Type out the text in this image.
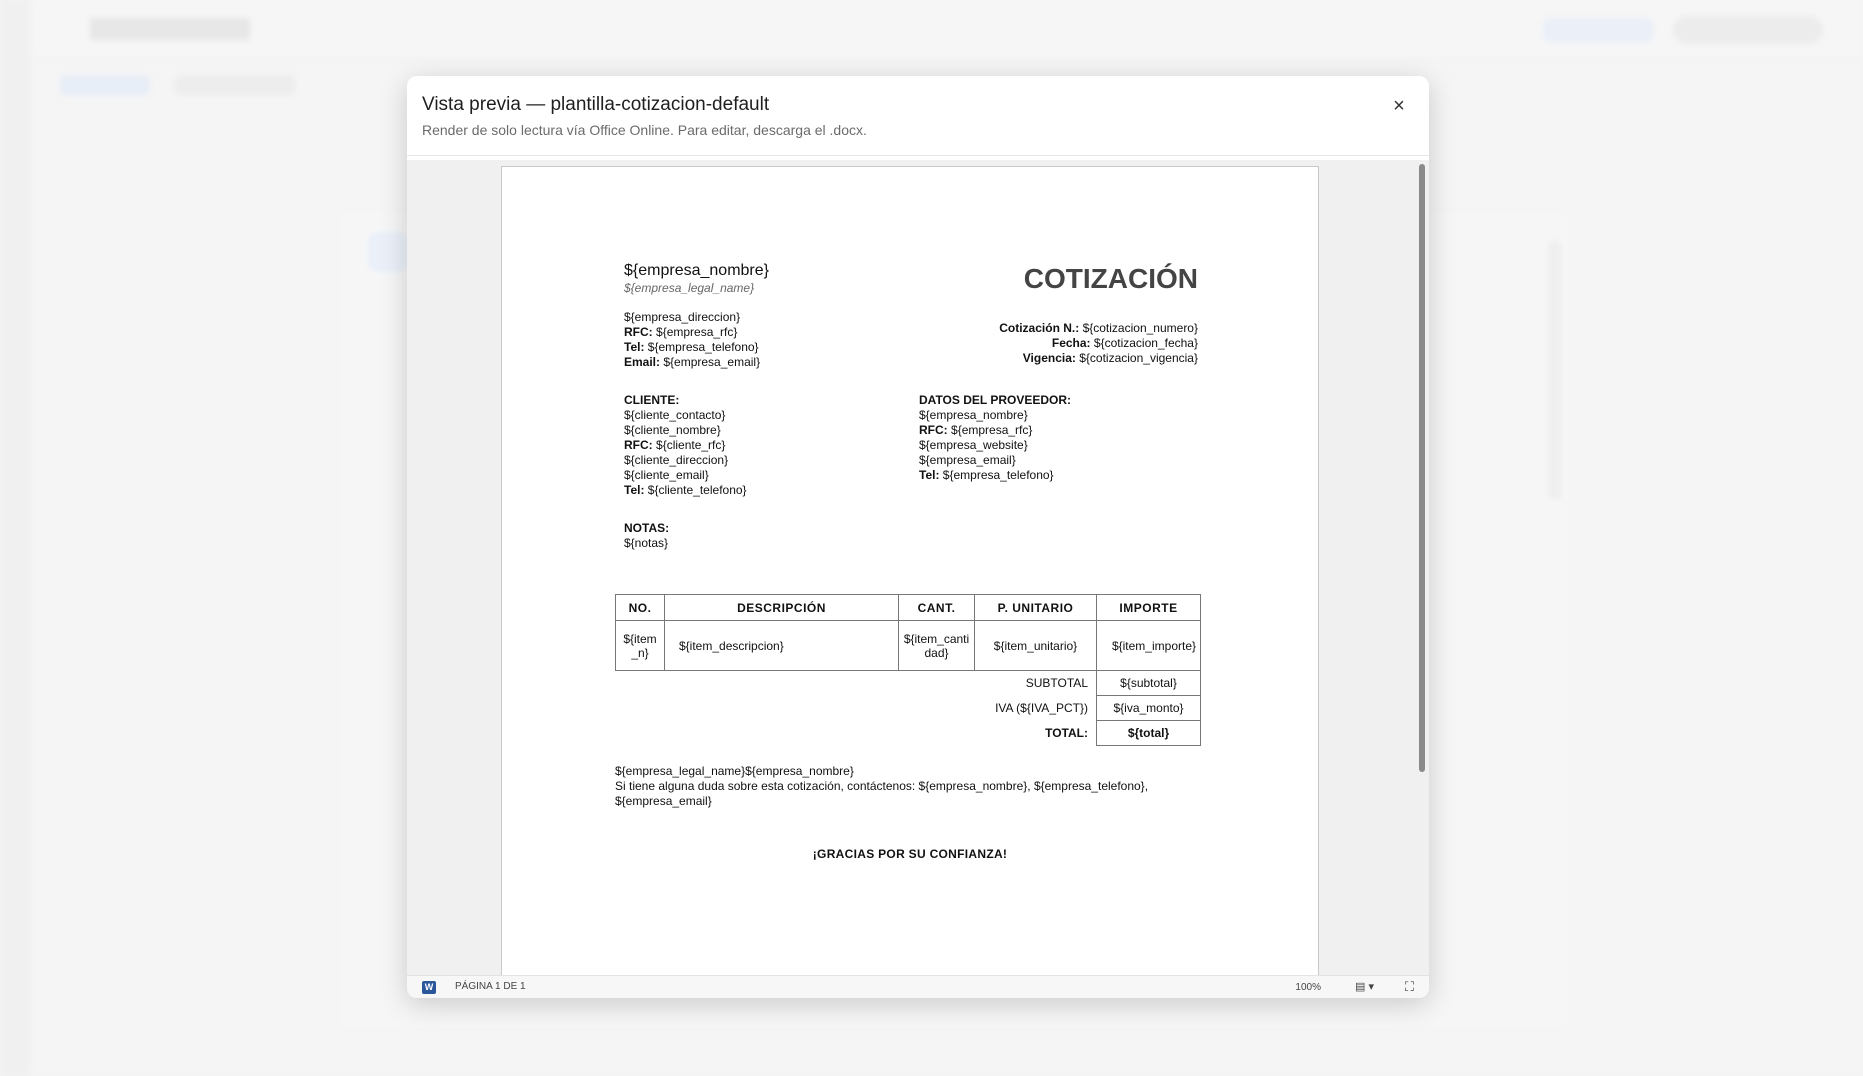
Vista previa — plantilla-cotizacion-default
Render de solo lectura vía Office Online. Para editar, descarga el .docx.
×
${empresa_nombre}
${empresa_legal_name}
${empresa_direccion}
RFC: ${empresa_rfc}
Tel: ${empresa_telefono}
Email: ${empresa_email}
COTIZACIÓN
Cotización N.: ${cotizacion_numero}
Fecha: ${cotizacion_fecha}
Vigencia: ${cotizacion_vigencia}
CLIENTE:
${cliente_contacto}
${cliente_nombre}
RFC: ${cliente_rfc}
${cliente_direccion}
${cliente_email}
Tel: ${cliente_telefono}
DATOS DEL PROVEEDOR:
${empresa_nombre}
RFC: ${empresa_rfc}
${empresa_website}
${empresa_email}
Tel: ${empresa_telefono}
NOTAS:
${notas}
NO.	DESCRIPCIÓN	CANT.	P. UNITARIO	IMPORTE
${item_n}	${item_descripcion}	${item_cantidad}	${item_unitario}	${item_importe}
SUBTOTAL				${subtotal}
IVA (${IVA_PCT})				${iva_monto}
TOTAL:				${total}
${empresa_legal_name}${empresa_nombre}
Si tiene alguna duda sobre esta cotización, contáctenos: ${empresa_nombre}, ${empresa_telefono}, ${empresa_email}
¡GRACIAS POR SU CONFIANZA!
W PÁGINA 1 DE 1	100%	▤ ▾ ⛶
